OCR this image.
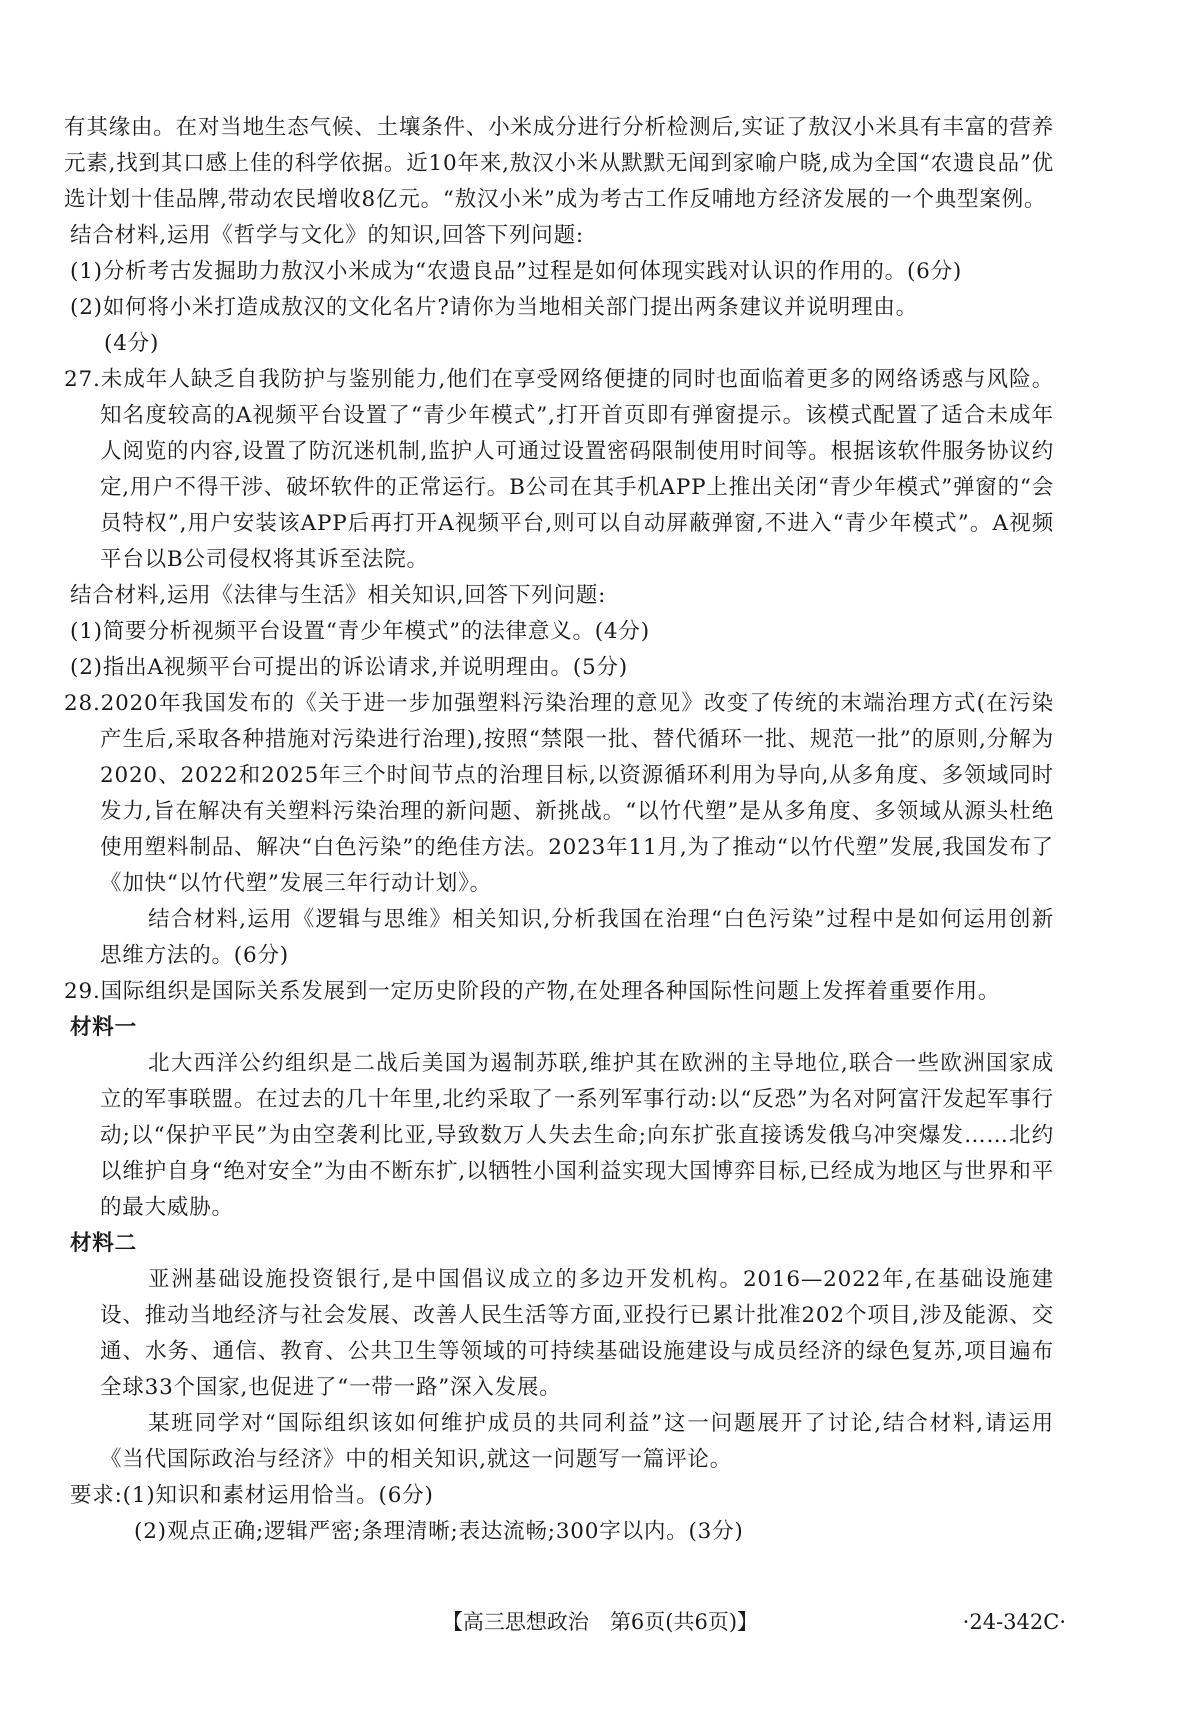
有其缘由。在对当地生态气候、土壤条件、小米成分进行分析检测后,实证了敖汉小米具有丰富的营养元素,找到其口感上佳的科学依据。近10年来,敖汉小米从默默无闻到家喻户晓,成为全国“农遗良品”优选计划十佳品牌,带动农民增收8亿元。“敖汉小米”成为考古工作反哺地方经济发展的一个典型案例。

结合材料,运用《哲学与文化》的知识,回答下列问题:

(1)分析考古发掘助力敖汉小米成为“农遗良品”过程是如何体现实践对认识的作用的。(6分)

(2)如何将小米打造成敖汉的文化名片?请你为当地相关部门提出两条建议并说明理由。

(4分)

27.未成年人缺乏自我防护与鉴别能力,他们在享受网络便捷的同时也面临着更多的网络诱惑与风险。知名度较高的A视频平台设置了“青少年模式”,打开首页即有弹窗提示。该模式配置了适合未成年人阅览的内容,设置了防沉迷机制,监护人可通过设置密码限制使用时间等。根据该软件服务协议约定,用户不得干涉、破坏软件的正常运行。B公司在其手机APP上推出关闭“青少年模式”弹窗的“会员特权”,用户安装该APP后再打开A视频平台,则可以自动屏蔽弹窗,不进入“青少年模式”。A视频平台以B公司侵权将其诉至法院。

结合材料,运用《法律与生活》相关知识,回答下列问题:

(1)简要分析视频平台设置“青少年模式”的法律意义。(4分)

(2)指出A视频平台可提出的诉讼请求,并说明理由。(5分)

28.2020年我国发布的《关于进一步加强塑料污染治理的意见》改变了传统的末端治理方式(在污染产生后,采取各种措施对污染进行治理),按照“禁限一批、替代循环一批、规范一批”的原则,分解为2020、2022和2025年三个时间节点的治理目标,以资源循环利用为导向,从多角度、多领域同时发力,旨在解决有关塑料污染治理的新问题、新挑战。“以竹代塑”是从多角度、多领域从源头杜绝使用塑料制品、解决“白色污染”的绝佳方法。2023年11月,为了推动“以竹代塑”发展,我国发布了《加快“以竹代塑”发展三年行动计划》。

结合材料,运用《逻辑与思维》相关知识,分析我国在治理“白色污染”过程中是如何运用创新思维方法的。(6分)

29.国际组织是国际关系发展到一定历史阶段的产物,在处理各种国际性问题上发挥着重要作用。

材料一

北大西洋公约组织是二战后美国为遏制苏联,维护其在欧洲的主导地位,联合一些欧洲国家成立的军事联盟。在过去的几十年里,北约采取了一系列军事行动:以“反恐”为名对阿富汗发起军事行动;以“保护平民”为由空袭利比亚,导致数万人失去生命;向东扩张直接诱发俄乌冲突爆发……北约以维护自身“绝对安全”为由不断东扩,以牺牲小国利益实现大国博弈目标,已经成为地区与世界和平的最大威胁。

材料二

亚洲基础设施投资银行,是中国倡议成立的多边开发机构。2016—2022年,在基础设施建设、推动当地经济与社会发展、改善人民生活等方面,亚投行已累计批准202个项目,涉及能源、交通、水务、通信、教育、公共卫生等领域的可持续基础设施建设与成员经济的绿色复苏,项目遍布全球33个国家,也促进了“一带一路”深入发展。

某班同学对“国际组织该如何维护成员的共同利益”这一问题展开了讨论,结合材料,请运用《当代国际政治与经济》中的相关知识,就这一问题写一篇评论。

要求:(1)知识和素材运用恰当。(6分)

(2)观点正确;逻辑严密;条理清晰;表达流畅;300字以内。(3分)

【高三思想政治　第6页(共6页)】	·24-342C·
